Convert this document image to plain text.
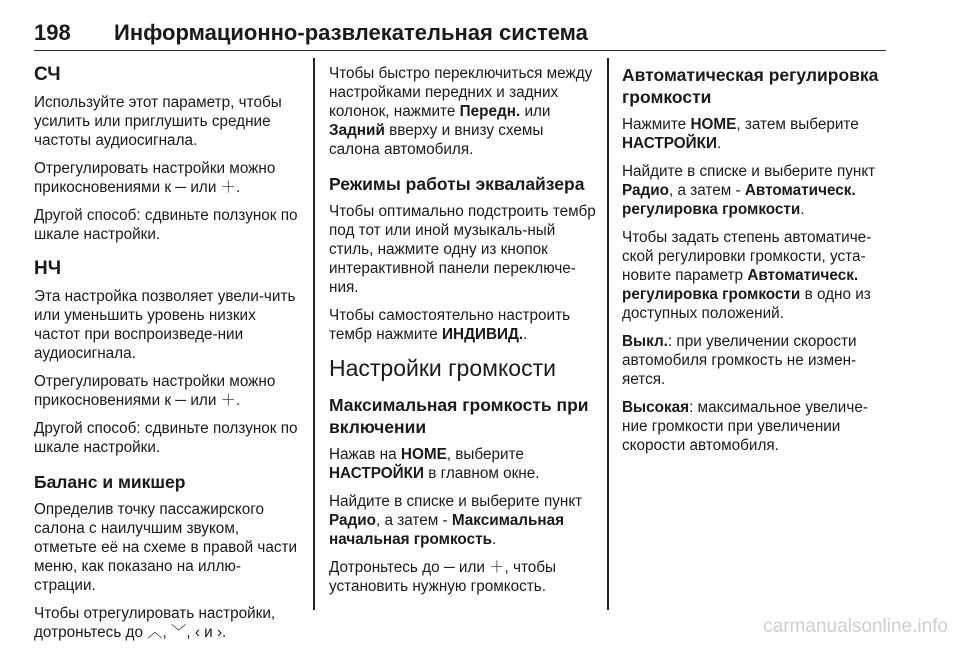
198	Информационно-развлекательная система
СЧ

Используйте этот параметр, чтобы усилить или приглушить средние частоты аудиосигнала.

Отрегулировать настройки можно прикосновениями к ─ или ＋.

Другой способ: сдвиньте ползунок по шкале настройки.

НЧ

Эта настройка позволяет увели-чить или уменьшить уровень низких частот при воспроизведе-нии аудиосигнала.

Отрегулировать настройки можно прикосновениями к ─ или ＋.

Другой способ: сдвиньте ползунок по шкале настройки.

Баланс и микшер

Определив точку пассажирского салона с наилучшим звуком, отметьте её на схеме в правой части меню, как показано на иллю-страции.

Чтобы отрегулировать настройки, дотроньтесь до ︿, ﹀, ‹ и ›.

Чтобы быстро переключиться между настройками передних и задних колонок, нажмите Передн. или Задний вверху и внизу схемы салона автомобиля.

Режимы работы эквалайзера

Чтобы оптимально подстроить тембр под тот или иной музыкаль-ный стиль, нажмите одну из кнопок интерактивной панели переключе-ния.

Чтобы самостоятельно настроить тембр нажмите ИНДИВИД..

Настройки громкости
Максимальная громкость при включении

Нажав на HOME, выберите НАСТРОЙКИ в главном окне.

Найдите в списке и выберите пункт Радио, а затем - Максимальная начальная громкость.

Дотроньтесь до ─ или ＋, чтобы установить нужную громкость.

Автоматическая регулировка громкости

Нажмите HOME, затем выберите НАСТРОЙКИ.

Найдите в списке и выберите пункт Радио, а затем - Автоматическ. регулировка громкости.

Чтобы задать степень автоматиче-ской регулировки громкости, уста-новите параметр Автоматическ. регулировка громкости в одно из доступных положений.

Выкл.: при увеличении скорости автомобиля громкость не измен-яется.

Высокая: максимальное увеличе-ние громкости при увеличении скорости автомобиля.

carmanualsonline.info
